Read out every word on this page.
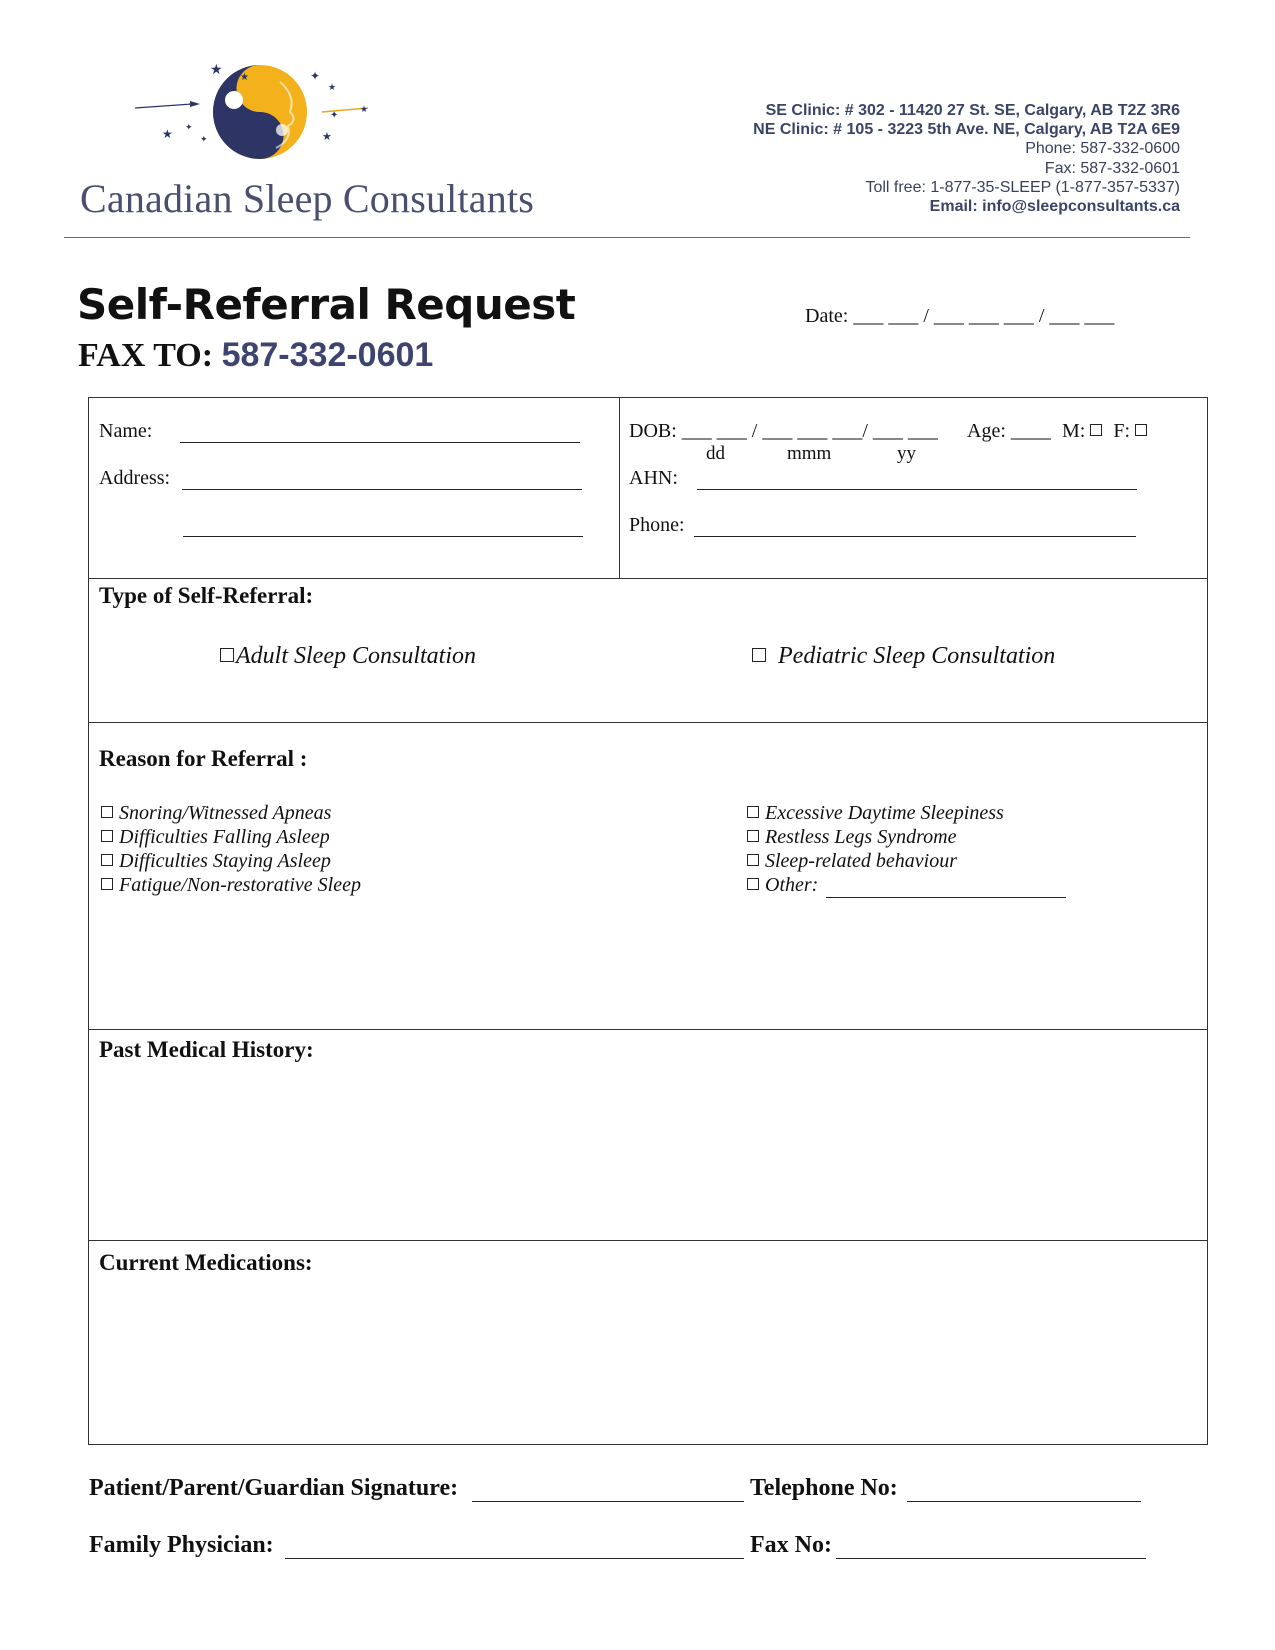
★ ★	✦
★
★ ✦
✦	★
★
✦
Canadian Sleep Consultants
SE Clinic: # 302 - 11420 27 St. SE, Calgary, AB T2Z 3R6
NE Clinic: # 105 - 3223 5th Ave. NE, Calgary, AB T2A 6E9
Phone: 587-332-0600
Fax: 587-332-0601
Toll free: 1-877-35-SLEEP (1-877-357-5337)
Email: info@sleepconsultants.ca
Self-Referral Request
FAX TO: 587-332-0601
Date: ___ ___ / ___ ___ ___ / ___ ___
Name:
Address:
DOB: ___ ___ / ___ ___ ___/ ___ ___
dd	mmm	yy
Age: ____ M: F:
AHN:
Phone:
Type of Self-Referral:
Adult Sleep Consultation	Pediatric Sleep Consultation
Reason for Referral :
Snoring/Witnessed Apneas
Difficulties Falling Asleep
Difficulties Staying Asleep
Fatigue/Non-restorative Sleep
Excessive Daytime Sleepiness
Restless Legs Syndrome
Sleep-related behaviour
Other:
Past Medical History:
Current Medications:
Patient/Parent/Guardian Signature:	Telephone No:
Family Physician:	Fax No:
